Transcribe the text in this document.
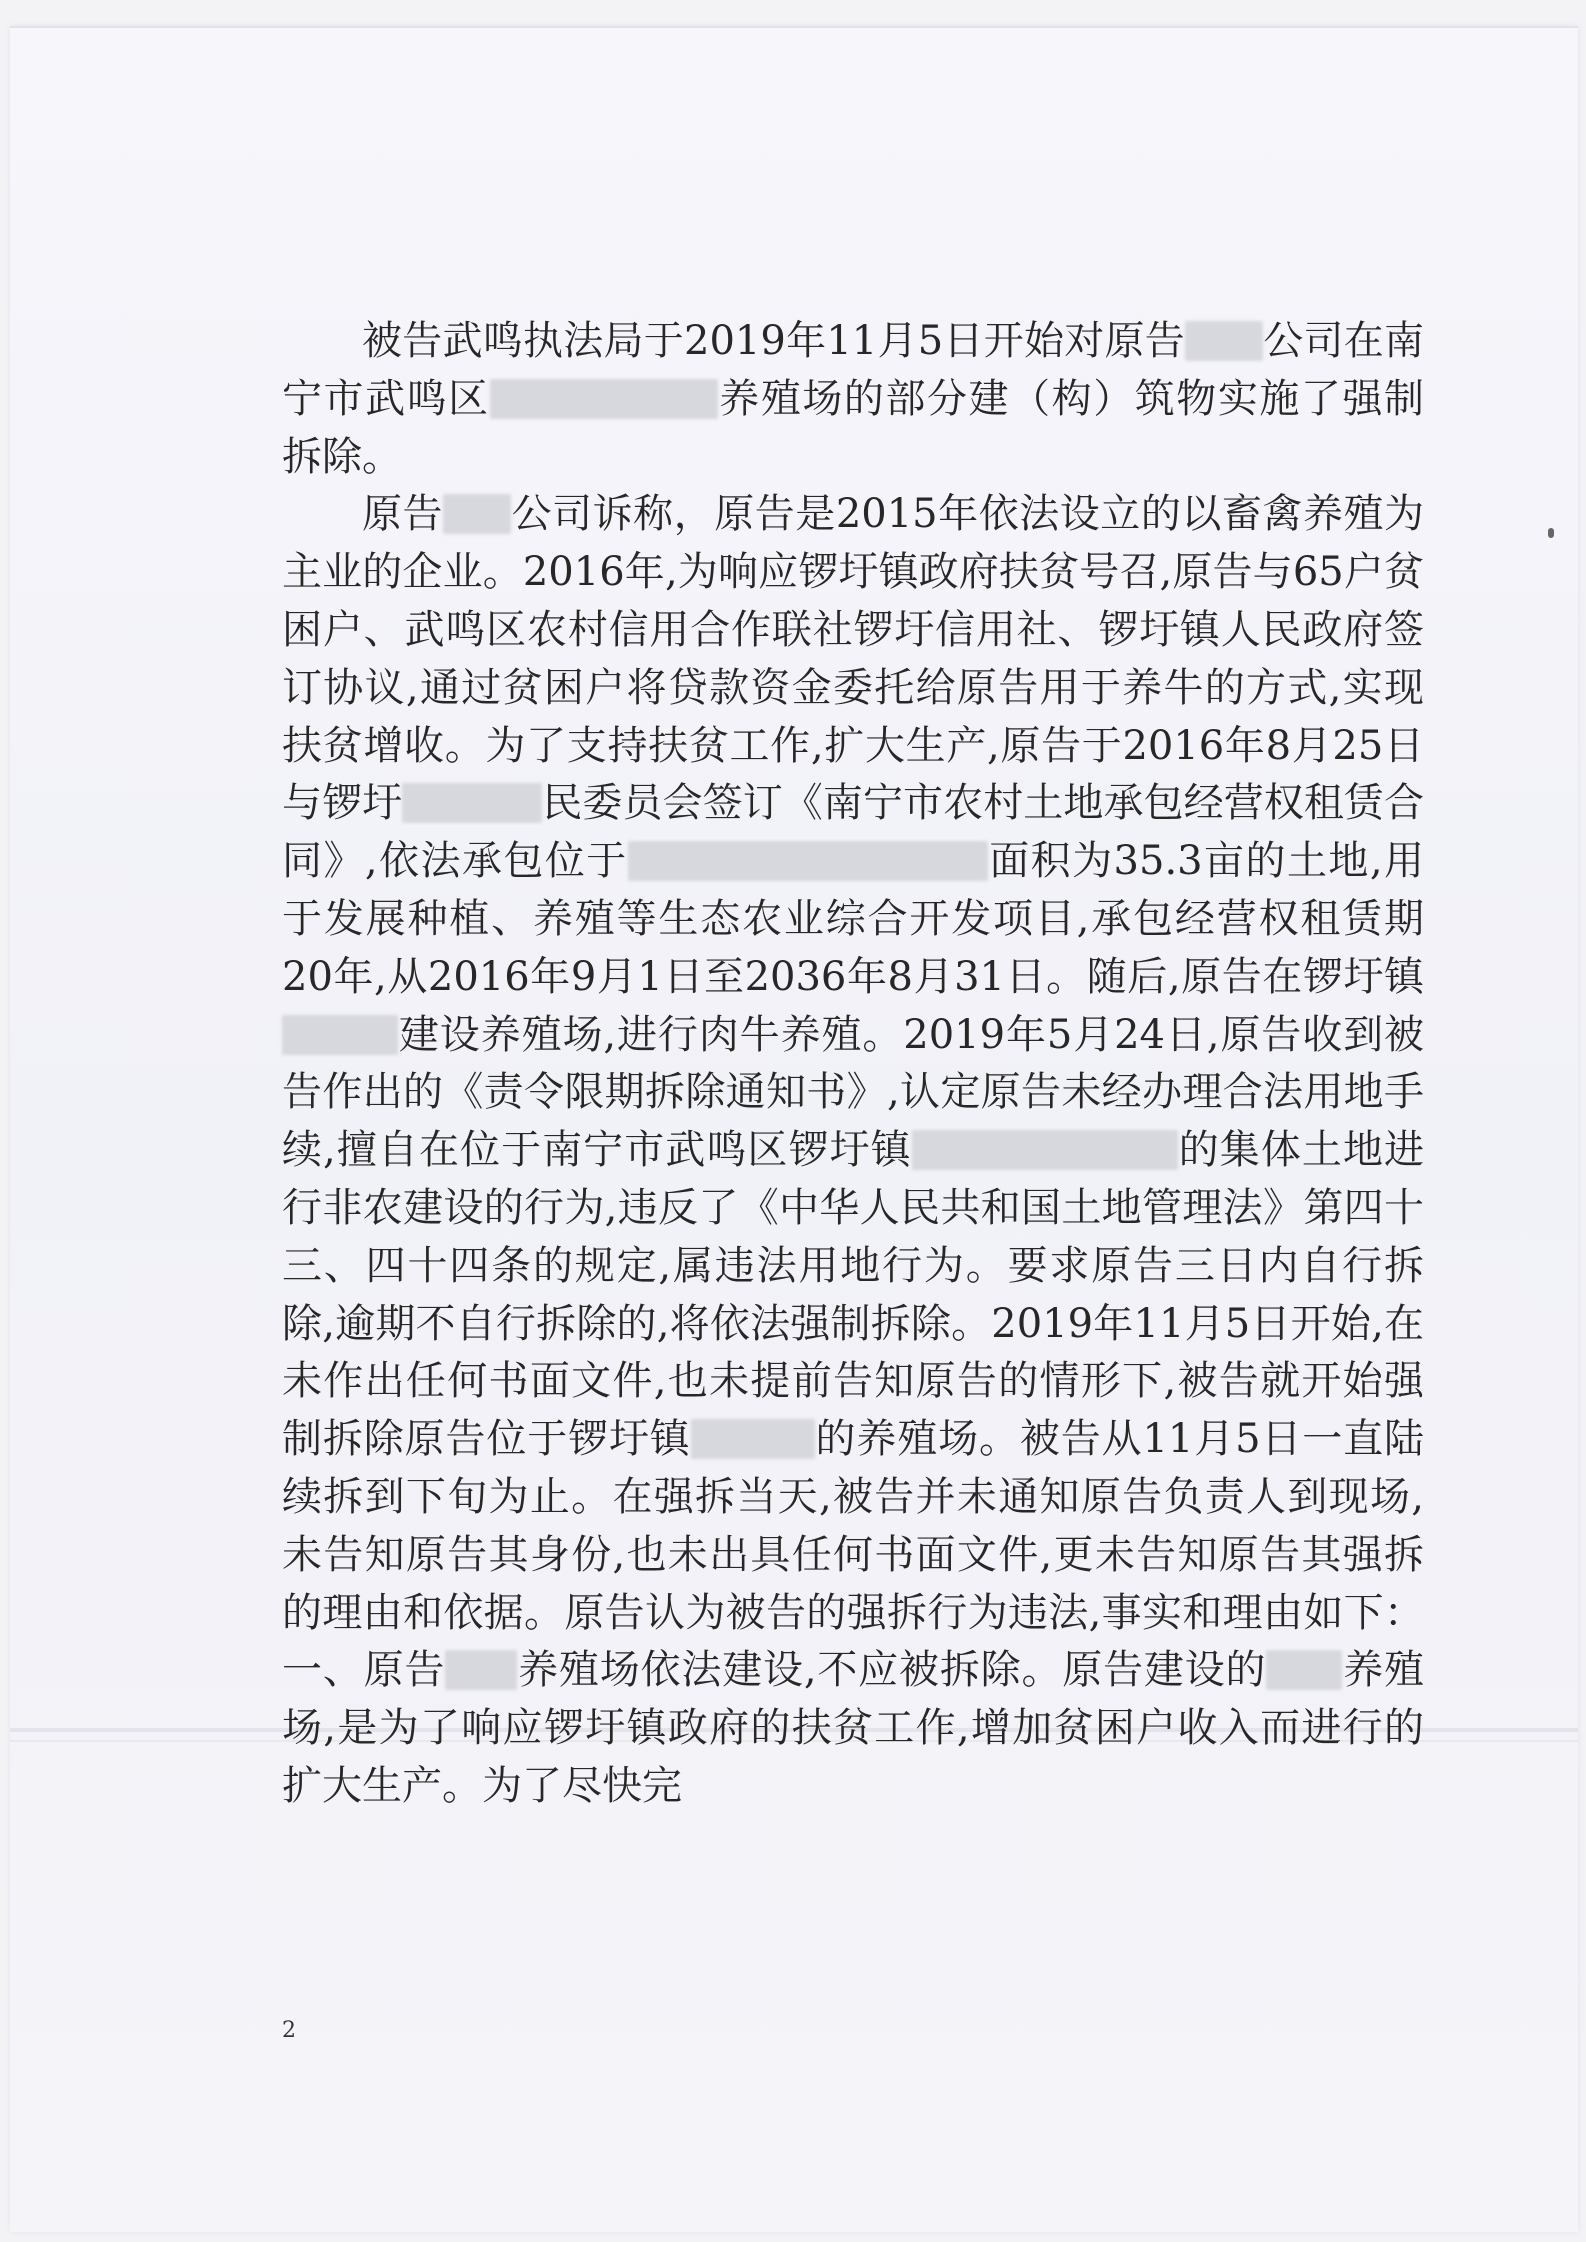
被告武鸣执法局于2019年11月5日开始对原告 公司在南宁市武鸣区	养殖场的部分建（构）筑物实施了强制拆除。

原告 公司诉称，原告是2015年依法设立的以畜禽养殖为主业的企业。2016年,为响应锣圩镇政府扶贫号召,原告与65户贫困户、武鸣区农村信用合作联社锣圩信用社、锣圩镇人民政府签订协议,通过贫困户将贷款资金委托给原告用于养牛的方式,实现扶贫增收。为了支持扶贫工作,扩大生产,原告于2016年8月25日与锣圩	民委员会签订《南宁市农村土地承包经营权租赁合同》,依法承包位于	面积为35.3亩的土地,用于发展种植、养殖等生态农业综合开发项目,承包经营权租赁期20年,从2016年9月1日至2036年8月31日。随后,原告在锣圩镇建设养殖场,进行肉牛养殖。2019年5月24日,原告收到被告作出的《责令限期拆除通知书》,认定原告未经办理合法用地手续,擅自在位于南宁市武鸣区锣圩镇	的集体土地进行非农建设的行为,违反了《中华人民共和国土地管理法》第四十三、四十四条的规定,属违法用地行为。要求原告三日内自行拆除,逾期不自行拆除的,将依法强制拆除。2019年11月5日开始,在未作出任何书面文件,也未提前告知原告的情形下,被告就开始强制拆除原告位于锣圩镇	的养殖场。被告从11月5日一直陆续拆到下旬为止。在强拆当天,被告并未通知原告负责人到现场,未告知原告其身份,也未出具任何书面文件,更未告知原告其强拆的理由和依据。原告认为被告的强拆行为违法,事实和理由如下：一、原告 养殖场依法建设,不应被拆除。原告建设的 养殖场,是为了响应锣圩镇政府的扶贫工作,增加贫困户收入而进行的扩大生产。为了尽快完

2
